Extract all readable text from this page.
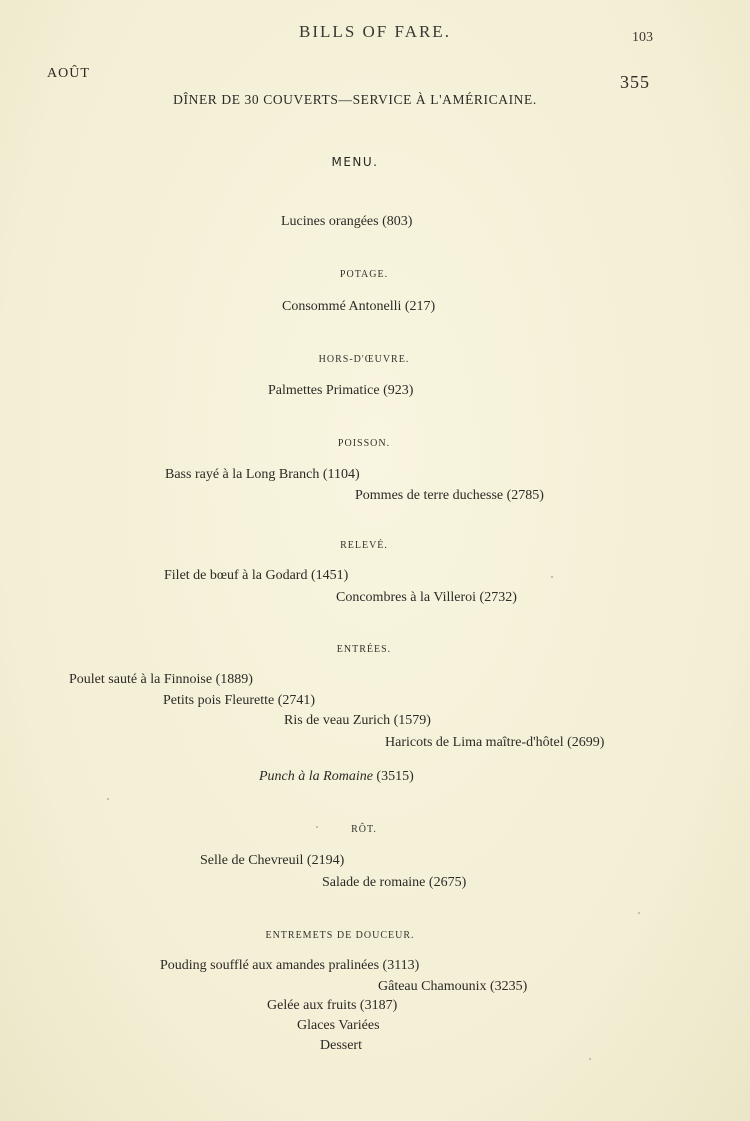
BILLS OF FARE.	103
AOÛT	355
DÎNER DE 30 COUVERTS—SERVICE À L'AMÉRICAINE.
MENU.
Lucines orangées (803)
POTAGE.
Consommé Antonelli (217)
HORS-D'ŒUVRE.
Palmettes Primatice (923)
POISSON.
Bass rayé à la Long Branch (1104)
Pommes de terre duchesse (2785)
RELEVÉ.
Filet de bœuf à la Godard (1451)
Concombres à la Villeroi (2732)
ENTRÉES.
Poulet sauté à la Finnoise (1889)
Petits pois Fleurette (2741)
Ris de veau Zurich (1579)
Haricots de Lima maître-d'hôtel (2699)
Punch à la Romaine (3515)
RÔT.
Selle de Chevreuil (2194)
Salade de romaine (2675)
ENTREMETS DE DOUCEUR.
Pouding soufflé aux amandes pralinées (3113)
Gâteau Chamounix (3235)
Gelée aux fruits (3187)
Glaces Variées
Dessert
